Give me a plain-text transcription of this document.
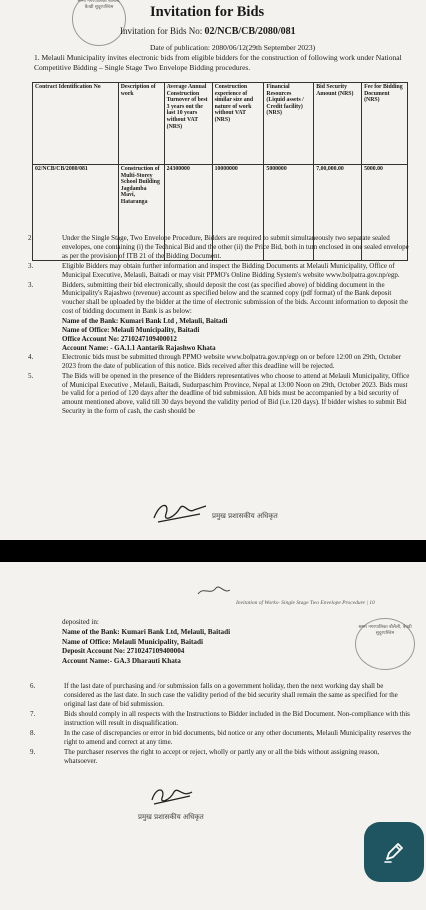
श्रम्मा नगरपालिका बौलैली, बैतडी सुदूरपश्चिम	Invitation for Bids
Invitation for Bids No: 02/NCB/CB/2080/081
Date of publication: 2080/06/12(29th September 2023)
1. Melauli Municipality invites electronic bids from eligible bidders for the construction of following work under National Competitive Bidding – Single Stage Two Envelope Bidding procedures.
Contract Identification No	Description of work	Average Annual Construction Turnover of best 3 years out the last 10 years without VAT (NRS)	Construction experience of similar size and nature of work without VAT (NRS)	Financial Resources (Liquid assets / Credit facility) (NRS)	Bid Security Amount (NRS)	Fee for Bidding Document (NRS)
02/NCB/CB/2080/081	Construction of Multi-Storey School Building Jagdamba Mavi, Hataranga	24300000	10000000	5000000	7,00,000.00	5000.00
2.	Under the Single Stage, Two Envelope Procedure, Bidders are required to submit simultaneously two separate sealed envelopes, one containing (i) the Technical Bid and the other (ii) the Price Bid, both in turn enclosed in one sealed envelope as per the provision of ITB 21 of the Bidding Document.
3.	Eligible Bidders may obtain further information and inspect the Bidding Documents at Melauli Municipality, Office of Municipal Executive, Melauli, Baitadi or may visit PPMO's Online Bidding System's website www.bolpatra.gov.np/egp.
3.	Bidders, submitting their bid electronically, should deposit the cost (as specified above) of bidding document in the Municipality's Rajashwo (revenue) account as specified below and the scanned copy (pdf format) of the Bank deposit voucher shall be uploaded by the bidder at the time of electronic submission of the bids. Account information to deposit the cost of bidding document in Bank is as below:
Name of the Bank: Kumari Bank Ltd , Melauli, Baitadi
Name of Office: Melauli Municipality, Baitadi
Office Account No: 2710247109400012
Account Name: - GA.1.1 Aantarik Rajashwo Khata
4.	Electronic bids must be submitted through PPMO website www.bolpatra.gov.np/egp on or before 12:00 on 29th, October 2023 from the date of publication of this notice. Bids received after this deadline will be rejected.
5.	The Bids will be opened in the presence of the Bidders representatives who choose to attend at Melauli Municipality, Office of Municipal Executive , Melauli, Baitadi, Sudurpaschim Province, Nepal at 13:00 Noon on 29th, October 2023. Bids must be valid for a period of 120 days after the deadline of bid submission. All bids must be accompanied by a bid security of amount mentioned above, valid till 30 days beyond the validity period of Bid (i.e.120 days). If bidder wishes to submit Bid Security in the form of cash, the cash should be
प्रमुख प्रशासकीय अधिकृत
Invitation of Works- Single Stage Two Envelope Procedure | 10
श्रम्मा नगरपालिका बौलैली, बैतडी सुदूरपश्चिम
deposited in:
Name of the Bank: Kumari Bank Ltd, Melauli, Baitadi
Name of Office: Melauli Municipality, Baitadi
Deposit Account No: 2710247109400004
Account Name:- GA.3 Dharauti Khata
6.	If the last date of purchasing and /or submission falls on a government holiday, then the next working day shall be considered as the last date. In such case the validity period of the bid security shall remain the same as specified for the original last date of bid submission.
7.	Bids should comply in all respects with the Instructions to Bidder included in the Bid Document. Non-compliance with this instruction will result in disqualification.
8.	In the case of discrepancies or error in bid documents, bid notice or any other documents, Melauli Municipality reserves the right to amend and correct at any time.
9.	The purchaser reserves the right to accept or reject, wholly or partly any or all the bids without assigning reason, whatsoever.
प्रमुख प्रशासकीय अधिकृत
